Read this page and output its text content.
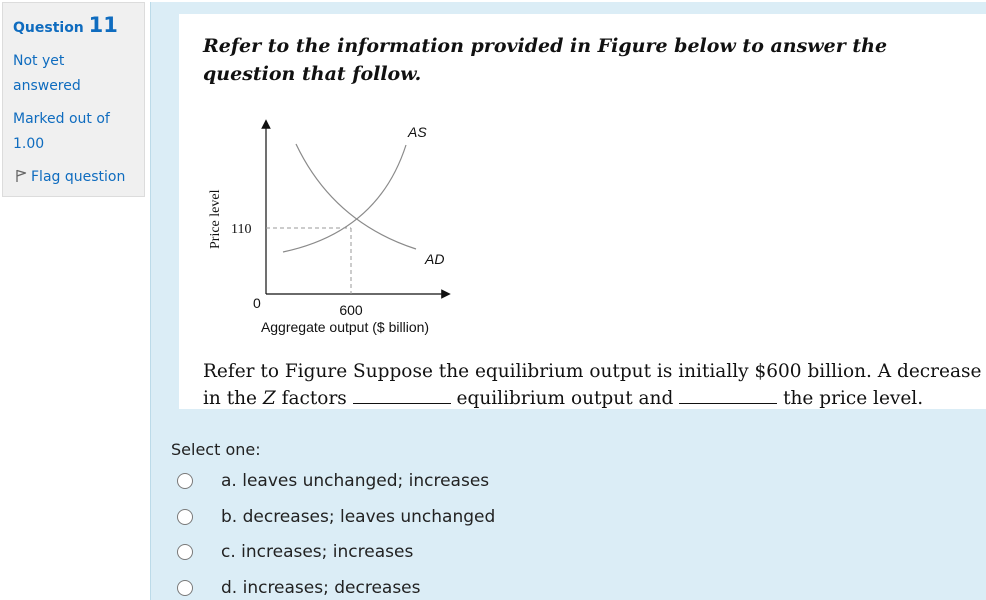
Question 11
Not yet answered
Marked out of 1.00
Flag question
Refer to the information provided in Figure below to answer the question that follow.
AS
AD
110
0	600
Aggregate output ($ billion)
Price level
Refer to Figure Suppose the equilibrium output is initially $600 billion. A decrease in the Z factors	equilibrium output and	the price level.
Select one:
a. leaves unchanged; increases
b. decreases; leaves unchanged
c. increases; increases
d. increases; decreases
